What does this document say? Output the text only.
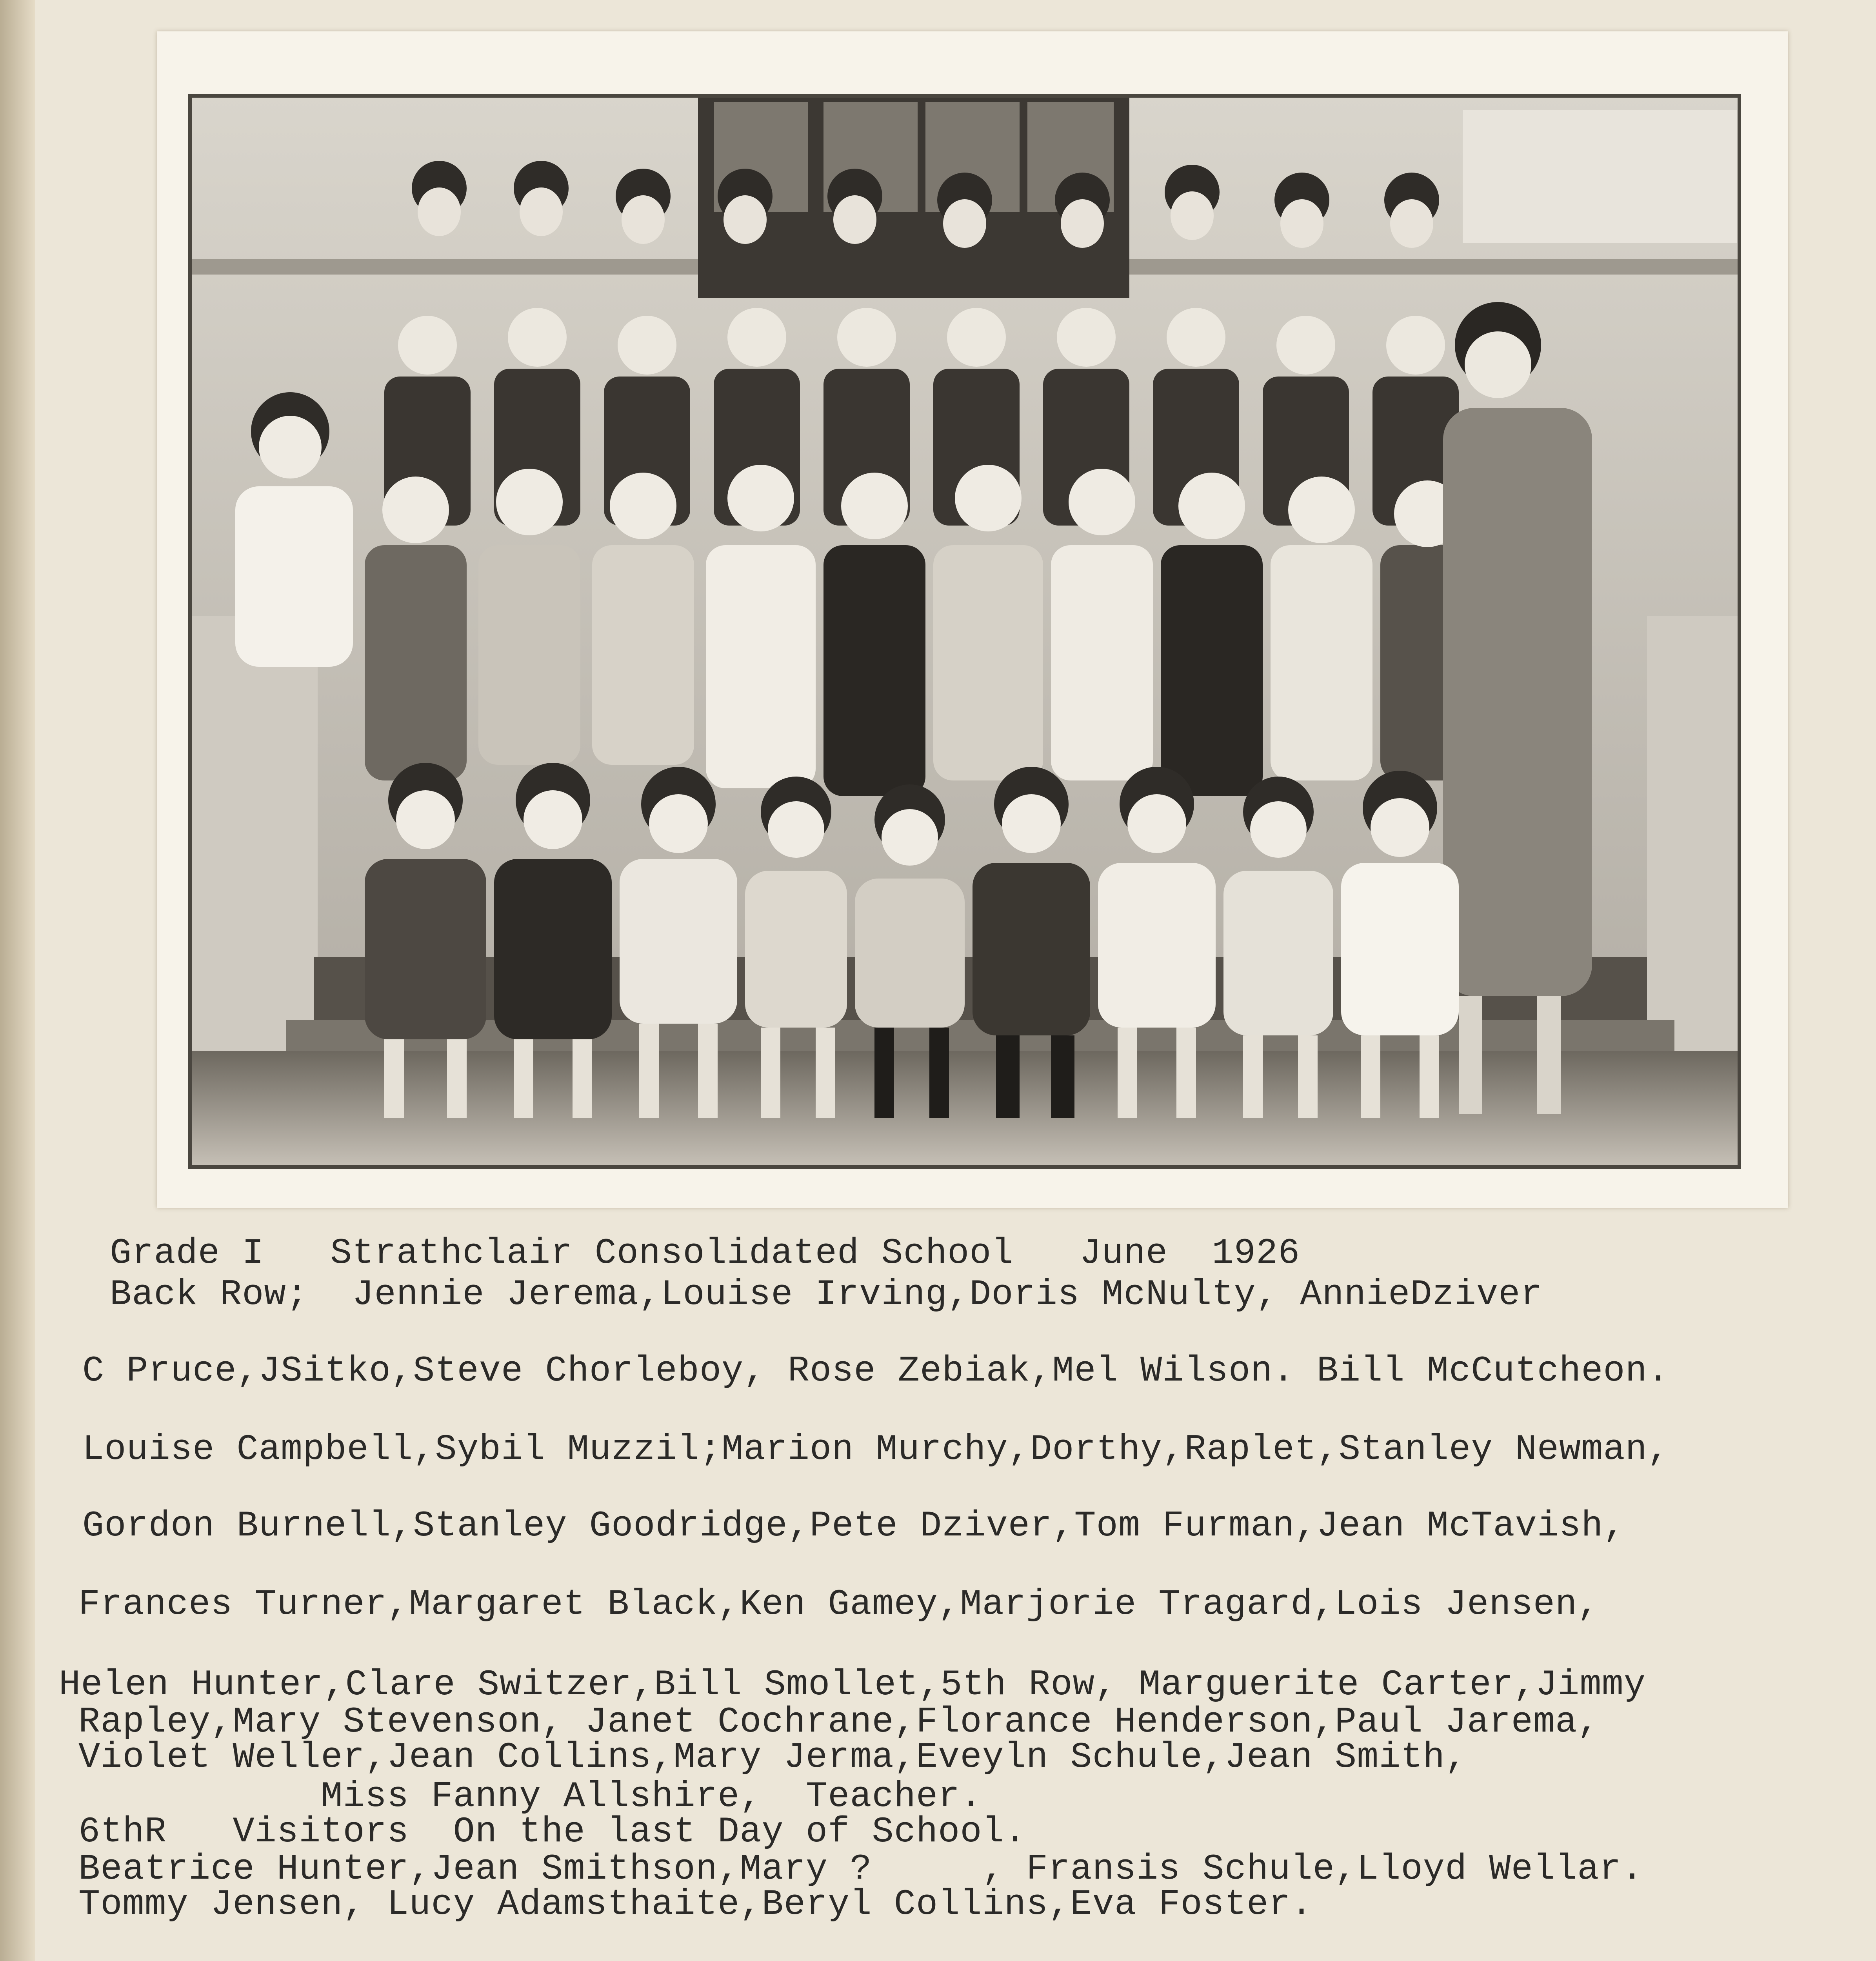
Grade I   Strathclair Consolidated School   June  1926

Back Row;  Jennie Jerema,Louise Irving,Doris McNulty, AnnieDziver

C Pruce,JSitko,Steve Chorleboy, Rose Zebiak,Mel Wilson. Bill McCutcheon.

Louise Campbell,Sybil Muzzil;Marion Murchy,Dorthy,Raplet,Stanley Newman,

Gordon Burnell,Stanley Goodridge,Pete Dziver,Tom Furman,Jean McTavish,

Frances Turner,Margaret Black,Ken Gamey,Marjorie Tragard,Lois Jensen,

Helen Hunter,Clare Switzer,Bill Smollet,5th Row, Marguerite Carter,Jimmy

Rapley,Mary Stevenson, Janet Cochrane,Florance Henderson,Paul Jarema,

Violet Weller,Jean Collins,Mary Jerma,Eveyln Schule,Jean Smith,

Miss Fanny Allshire,  Teacher.

6thR   Visitors  On the last Day of School.

Beatrice Hunter,Jean Smithson,Mary ?     , Fransis Schule,Lloyd Wellar.

Tommy Jensen, Lucy Adamsthaite,Beryl Collins,Eva Foster.
